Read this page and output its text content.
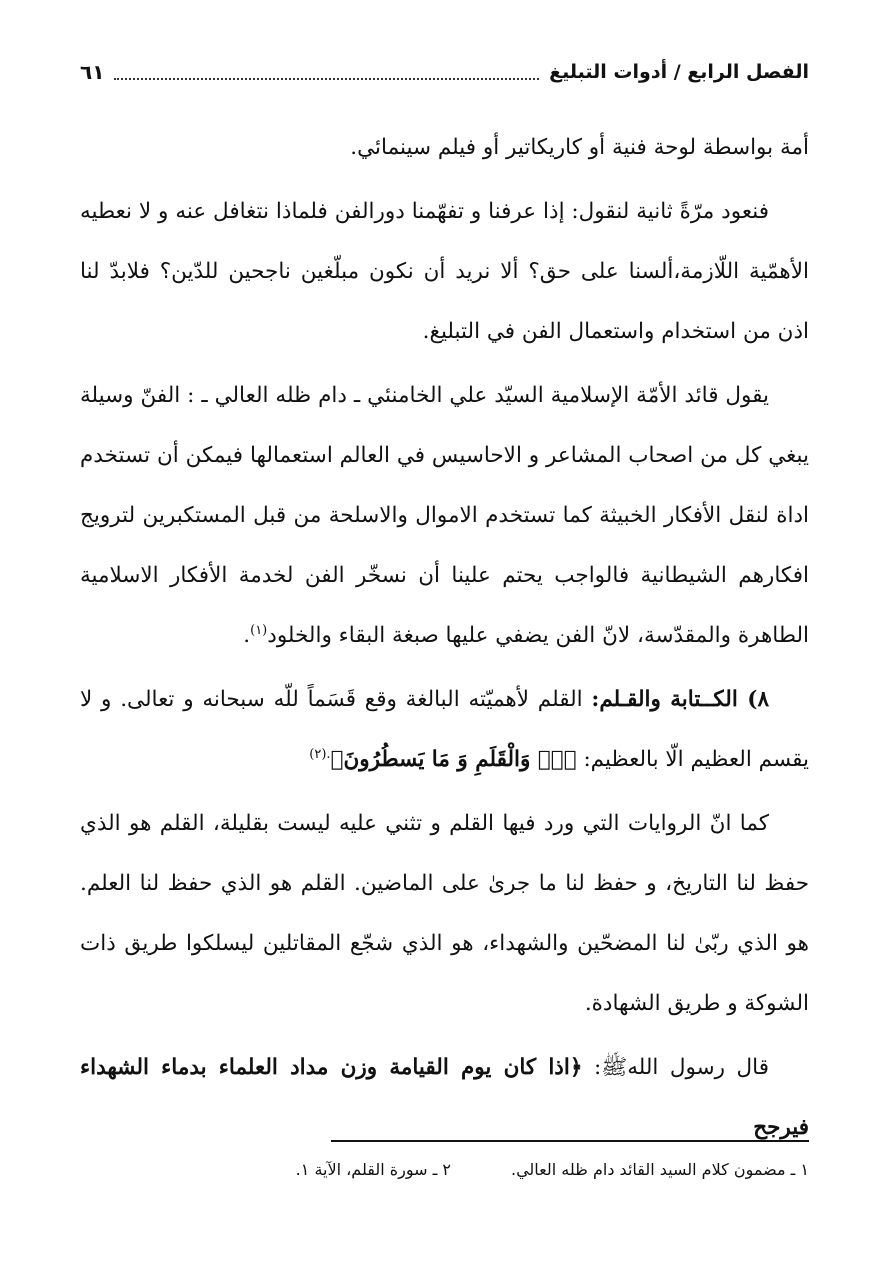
الفصل الرابع / أدوات التبليغ
٦١

أمة بواسطة لوحة فنية أو كاريكاتير أو فيلم سينمائي.

فنعود مرّةً ثانية لنقول: إذا عرفنا و تفهّمنا دورالفن فلماذا نتغافل عنه و لا نعطيه الأهمّية اللّازمة،ألسنا على حق؟ ألا نريد أن نكون مبلّغين ناجحين للدّين؟ فلابدّ لنا اذن من استخدام واستعمال الفن في التبليغ.

يقول قائد الأمّة الإسلامية السيّد علي الخامنئي ـ دام ظله العالي ـ : الفنّ وسيلة يبغي كل من اصحاب المشاعر و الاحاسيس في العالم استعمالها فيمكن أن تستخدم اداة لنقل الأفكار الخبيثة كما تستخدم الاموال والاسلحة من قبل المستكبرين لترويج افكارهم الشيطانية فالواجب يحتم علينا أن نسخّر الفن لخدمة الأفكار الاسلامية الطاهرة والمقدّسة، لانّ الفن يضفي عليها صبغة البقاء والخلود$^{(١)}$.

٨) الكــتابة والقـلم: القلم لأهميّته البالغة وقع قَسَماً للّه سبحانه و تعالى. و لا يقسم العظيم الّا بالعظيم: ﴿نۤ وَالْقَلَمِ وَ مَا يَسطُرُونَ﴾$^{.(٢)}$

كما انّ الروايات التي ورد فيها القلم و تثني عليه ليست بقليلة، القلم هو الذي حفظ لنا التاريخ، و حفظ لنا ما جرىٰ على الماضين. القلم هو الذي حفظ لنا العلم. هو الذي ربّىٰ لنا المضحّين والشهداء، هو الذي شجّع المقاتلين ليسلكوا طريق ذات الشوكة و طريق الشهادة.

قال رسول اللهﷺ: ﴿اذا كان يوم القيامة وزن مداد العلماء بدماء الشهداء فيرجح

١ ـ مضمون كلام السيد القائد دام ظله العالي.
٢ ـ سورة القلم، الآية ١.
